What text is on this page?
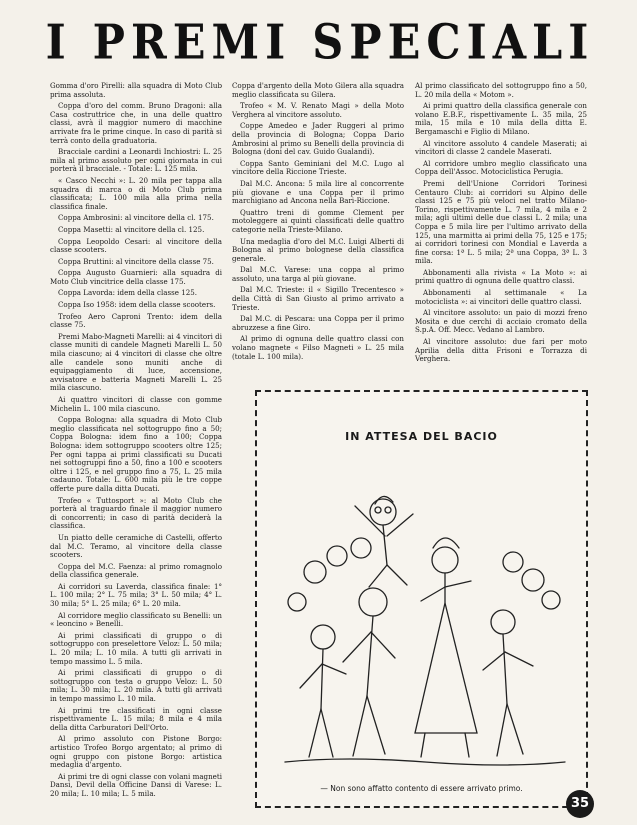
I PREMI SPECIALI

Gomma d'oro Pirelli: alla squadra di Moto Club prima assoluta.

Coppa d'oro del comm. Bruno Dragoni: alla Casa costruttrice che, in una delle quattro classi, avrà il maggior numero di macchine arrivate fra le prime cinque. In caso di parità si terrà conto della graduatoria.

Bracciale cardini a Leonardi Inchiostri: L. 25 mila al primo assoluto per ogni giornata in cui porterà il bracciale. - Totale: L. 125 mila.

« Casco Necchi »: L. 20 mila per tappa alla squadra di marca o di Moto Club prima classificata; L. 100 mila alla prima nella classifica finale.

Coppa Ambrosini: al vincitore della cl. 175.

Coppa Masetti: al vincitore della cl. 125.

Coppa Leopoldo Cesari: al vincitore della classe scooters.

Coppa Bruttini: al vincitore della classe 75.

Coppa Augusto Guarnieri: alla squadra di Moto Club vincitrice della classe 175.

Coppa Lavorda: idem della classe 125.

Coppa Iso 1958: idem della classe scooters.

Trofeo Aero Caproni Trento: idem della classe 75.

Premi Mabo-Magneti Marelli: ai 4 vincitori di classe muniti di candele Magneti Marelli L. 50 mila ciascuno; ai 4 vincitori di classe che oltre alle candele sono muniti anche di equipaggiamento di luce, accensione, avvisatore e batteria Magneti Marelli L. 25 mila ciascuno.

Ai quattro vincitori di classe con gomme Michelin L. 100 mila ciascuno.

Coppa Bologna: alla squadra di Moto Club meglio classificata nel sottogruppo fino a 50; Coppa Bologna: idem fino a 100; Coppa Bologna: idem sottogruppo scooters oltre 125; Per ogni tappa ai primi classificati su Ducati nei sottogruppi fino a 50, fino a 100 e scooters oltre i 125, e nel gruppo fino a 75, L. 25 mila cadauno. Totale: L. 600 mila più le tre coppe offerte pure dalla ditta Ducati.

Trofeo « Tuttosport »: al Moto Club che porterà al traguardo finale il maggior numero di concorrenti; in caso di parità deciderà la classifica.

Un piatto delle ceramiche di Castelli, offerto dal M.C. Teramo, al vincitore della classe scooters.

Coppa del M.C. Faenza: al primo romagnolo della classifica generale.

Ai corridori su Laverda, classifica finale: 1° L. 100 mila; 2° L. 75 mila; 3° L. 50 mila; 4° L. 30 mila; 5° L. 25 mila; 6° L. 20 mila.

Al corridore meglio classificato su Benelli: un « leoncino » Benelli.

Ai primi classificati di gruppo o di sottogruppo con preselettore Veloz: L. 50 mila; L. 20 mila; L. 10 mila. A tutti gli arrivati in tempo massimo L. 5 mila.

Ai primi classificati di gruppo o di sottogruppo con testa o gruppo Veloz: L. 50 mila; L. 30 mila; L. 20 mila. A tutti gli arrivati in tempo massimo L. 10 mila.

Ai primi tre classificati in ogni classe rispettivamente L. 15 mila; 8 mila e 4 mila della ditta Carburatori Dell'Orto.

Al primo assoluto con Pistone Borgo: artistico Trofeo Borgo argentato; al primo di ogni gruppo con pistone Borgo: artistica medaglia d'argento.

Ai primi tre di ogni classe con volani magneti Dansi, Devil della Officine Dansi di Varese: L. 20 mila; L. 10 mila; L. 5 mila.

Coppa d'argento della Moto Gilera alla squadra meglio classificata su Gilera.

Trofeo « M. V. Renato Magi » della Moto Verghera al vincitore assoluto.

Coppe Amedeo e Jader Ruggeri al primo della provincia di Bologna; Coppa Dario Ambrosini al primo su Benelli della provincia di Bologna (doni del cav. Guido Gualandi).

Coppa Santo Geminiani del M.C. Lugo al vincitore della Riccione Trieste.

Dal M.C. Ancona: 5 mila lire al concorrente più giovane e una Coppa per il primo marchigiano ad Ancona nella Bari-Riccione.

Quattro treni di gomme Clement per motoleggere ai quinti classificati delle quattro categorie nella Trieste-Milano.

Una medaglia d'oro del M.C. Luigi Alberti di Bologna al primo bolognese della classifica generale.

Dal M.C. Varese: una coppa al primo assoluto, una targa al più giovane.

Dal M.C. Trieste: il « Sigillo Trecentesco » della Città di San Giusto al primo arrivato a Trieste.

Dal M.C. di Pescara: una Coppa per il primo abruzzese a fine Giro.

Al primo di ognuna delle quattro classi con volano magnete « Filso Magneti » L. 25 mila (totale L. 100 mila).

Al primo classificato del sottogruppo fino a 50, L. 20 mila della « Motom ».

Ai primi quattro della classifica generale con volano E.B.F., rispettivamente L. 35 mila, 25 mila, 15 mila e 10 mila della ditta E. Bergamaschi e Figlio di Milano.

Al vincitore assoluto 4 candele Maserati; ai vincitori di classe 2 candele Maserati.

Al corridore umbro meglio classificato una Coppa dell'Assoc. Motociclistica Perugia.

Premi dell'Unione Corridori Torinesi Centauro Club: ai corridori su Alpino delle classi 125 e 75 più veloci nel tratto Milano-Torino, rispettivamente L. 7 mila, 4 mila e 2 mila; agli ultimi delle due classi L. 2 mila; una Coppa e 5 mila lire per l'ultimo arrivato della 125, una marmitta ai primi della 75, 125 e 175; ai corridori torinesi con Mondial e Laverda a fine corsa: 1ª L. 5 mila; 2ª una Coppa, 3ª L. 3 mila.

Abbonamenti alla rivista « La Moto »: ai primi quattro di ognuna delle quattro classi.

Abbonamenti al settimanale « La motociclista »: ai vincitori delle quattro classi.

Al vincitore assoluto: un paio di mozzi freno Mosita e due cerchi di acciaio cromato della S.p.A. Off. Mecc. Vedano al Lambro.

Al vincitore assoluto: due fari per moto Aprilia della ditta Frisoni e Torrazza di Verghera.

IN ATTESA DEL BACIO
— Non sono affatto contento di essere arrivato primo.
35
